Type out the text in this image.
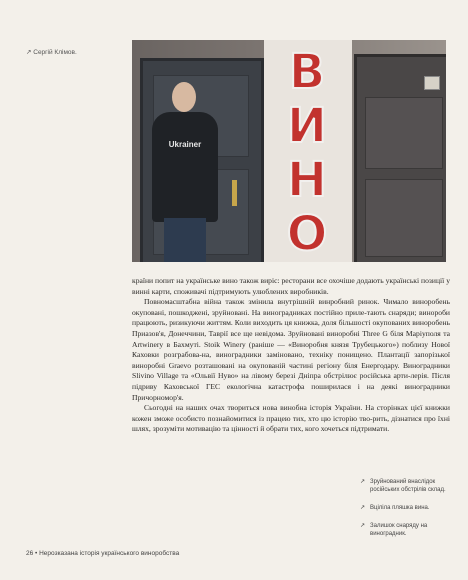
↗ Сергій Клімов.
Ukrainer
В
И
Н
О

країни попит на українське вино також виріс: ресторани все охочіше додають українські позиції у винні карти, споживачі підтримують улюблених виробників.

Повномасштабна війна також змінила внутрішній винробний ринок. Чимало виноробень окуповані, пошкоджені, зруйновані. На виноградниках постійно приле-тають снаряди; винороби працюють, ризикуючи життям. Коли виходить ця книжка, доля більшості окупованих виноробень Приазов'я, Донеччини, Таврії все ще невідома. Зруйновані виноробні Three G біля Маріуполя та Artwinery в Бахмуті. Stoik Winery (раніше — «Виноробня князя Трубецького») поблизу Нової Каховки розграбова-на, виноградники заміновано, техніку понищено. Плантації запорізької виноробні Graevo розташовані на окупованій частині регіону біля Енергодару. Виноградники Slivino Village та «Ольвії Нуво» на лівому березі Дніпра обстрілює російська арти-лерія. Після підриву Каховської ГЕС екологічна катастрофа поширилася і на деякі виноградники Причорномор'я.

Сьогодні на наших очах твориться нова винобна історія України. На сторінках цієї книжки кожен зможе особисто познайомитися із працею тих, хто цю історію тво-рить, дізнатися про їхні шлях, зрозуміти мотивацію та цінності й обрати тих, кого хочеться підтримати.

↗ Зруйнований внаслідок російських обстрілів склад.
↗ Вціліла пляшка вина.
↗ Залишок снаряду на виноградник.
26 • Нерозказана історія українського виноробства
